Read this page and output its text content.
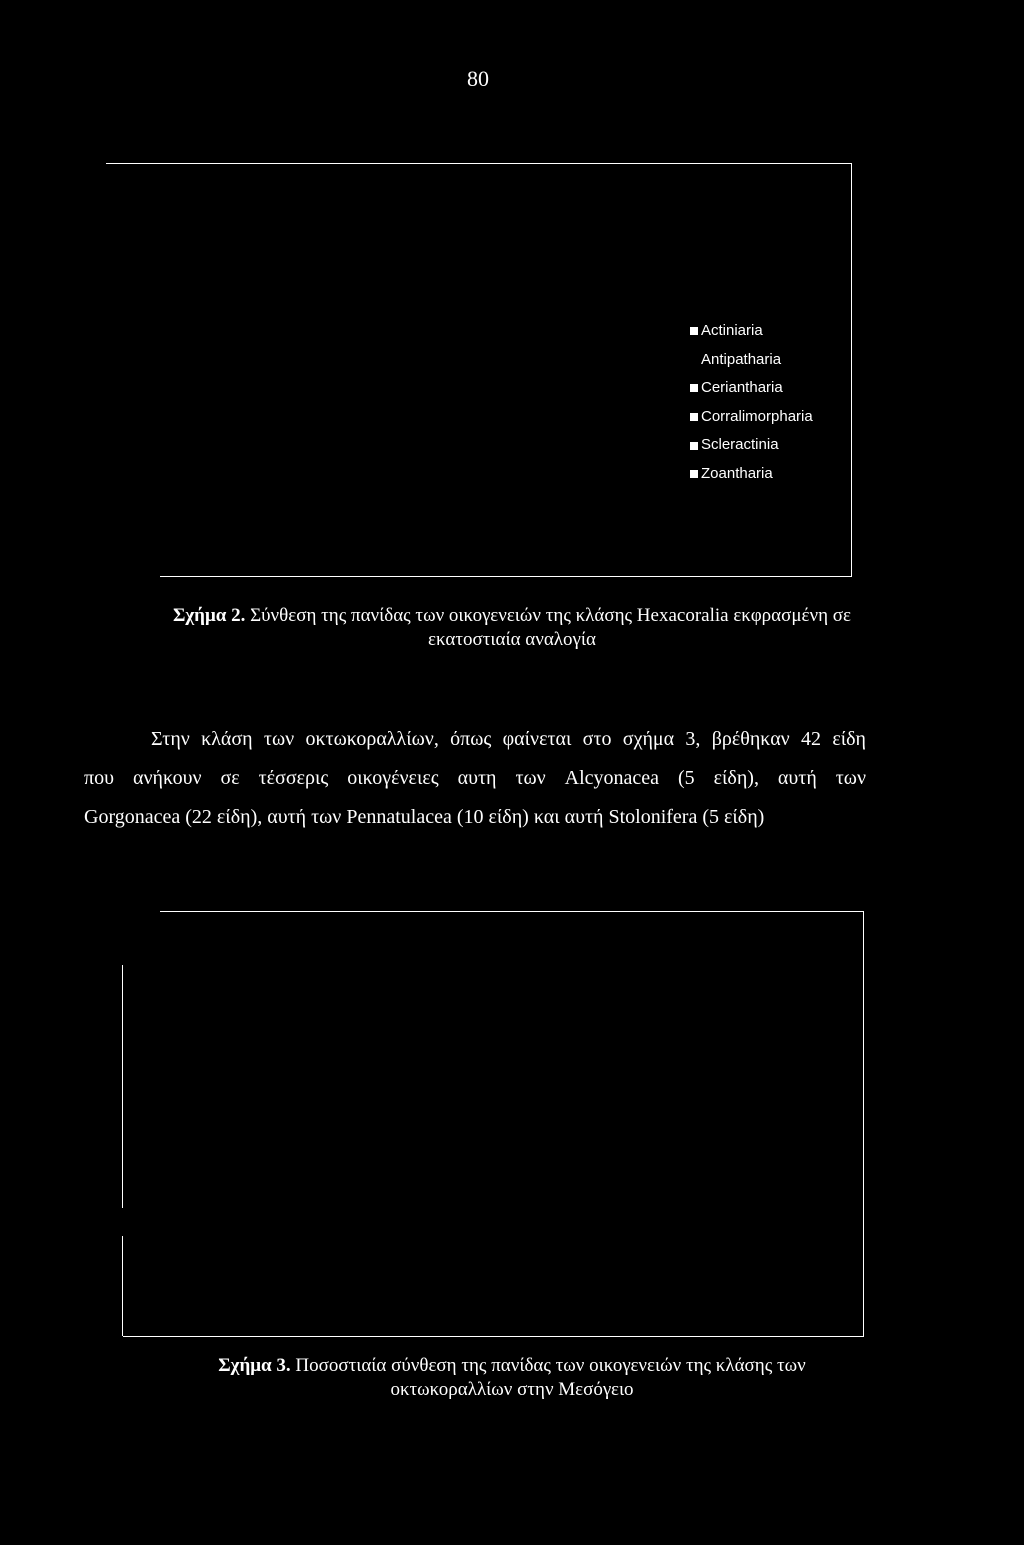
80
Actiniaria
Antipatharia
Ceriantharia
Corralimorpharia
Scleractinia
Zoantharia
Σχήμα 2. Σύνθεση της πανίδας των οικογενειών της κλάσης Hexacoralia εκφρασμένη σε
εκατοστιαία αναλογία
Στην κλάση των οκτωκοραλλίων, όπως φαίνεται στο σχήμα 3, βρέθηκαν 42 είδη
που ανήκουν σε τέσσερις οικογένειες αυτη των Alcyonacea (5 είδη), αυτή των
Gorgonacea (22 είδη), αυτή των Pennatulacea (10 είδη) και αυτή Stolonifera (5 είδη)
Σχήμα 3. Ποσοστιαία σύνθεση της πανίδας των οικογενειών της κλάσης των
οκτωκοραλλίων στην Μεσόγειο
